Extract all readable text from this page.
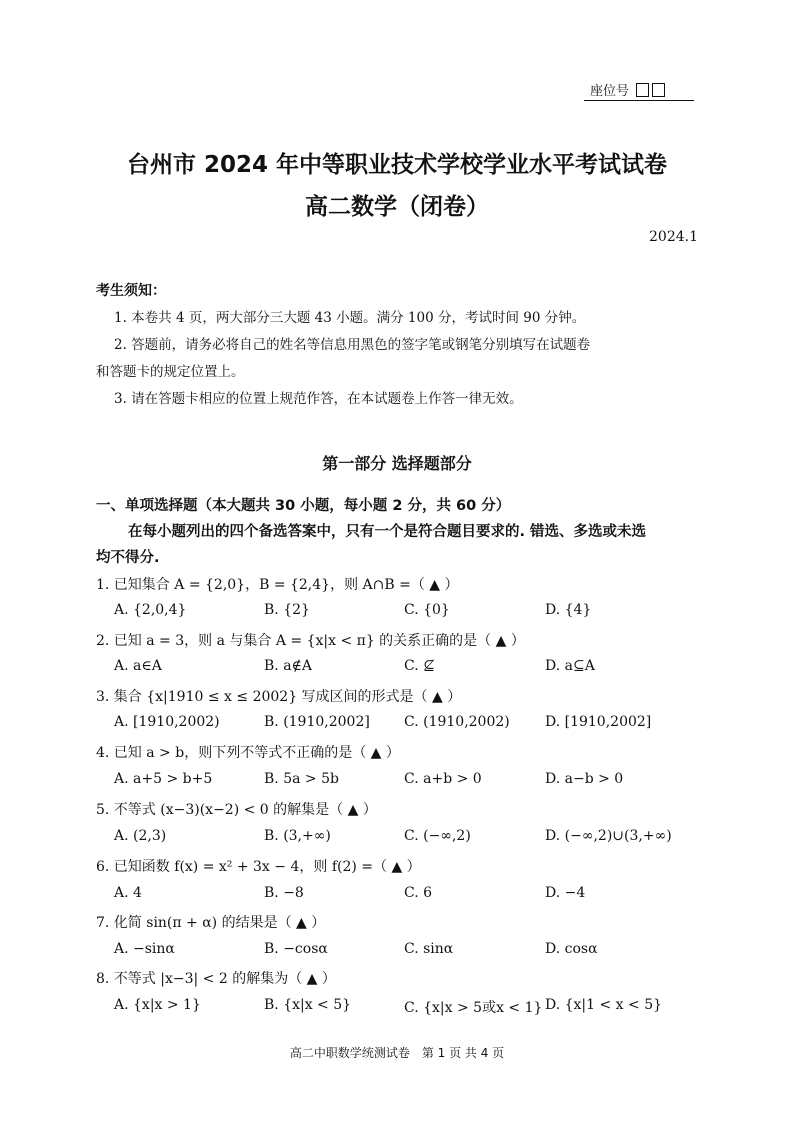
座位号
台州市 2024 年中等职业技术学校学业水平考试试卷
高二数学（闭卷）
2024.1
考生须知：
1. 本卷共 4 页，两大部分三大题 43 小题。满分 100 分，考试时间 90 分钟。
2. 答题前，请务必将自己的姓名等信息用黑色的签字笔或钢笔分别填写在试题卷
和答题卡的规定位置上。
3. 请在答题卡相应的位置上规范作答，在本试题卷上作答一律无效。
第一部分 选择题部分
一、单项选择题（本大题共 30 小题，每小题 2 分，共 60 分）
在每小题列出的四个备选答案中，只有一个是符合题目要求的. 错选、多选或未选
均不得分.
1. 已知集合 A = {2,0}，B = {2,4}，则 A∩B =（ ▲ ）
A. {2,0,4}	B. {2}	C. {0}	D. {4}
2. 已知 a = 3，则 a 与集合 A = {x|x < π} 的关系正确的是（ ▲ ）
A. a∈A	B. a∉A	C. ⊈	D. a⊆A
3. 集合 {x|1910 ≤ x ≤ 2002} 写成区间的形式是（ ▲ ）
A. [1910,2002)	B. (1910,2002] C. (1910,2002)	D. [1910,2002]
4. 已知 a > b，则下列不等式不正确的是（ ▲ ）
A. a+5 > b+5	B. 5a > 5b	C. a+b > 0	D. a−b > 0
5. 不等式 (x−3)(x−2) < 0 的解集是（ ▲ ）
A. (2,3)	B. (3,+∞)	C. (−∞,2)	D. (−∞,2)∪(3,+∞)
6. 已知函数 f(x) = x² + 3x − 4，则 f(2) =（ ▲ ）
A. 4	B. −8	C. 6	D. −4
7. 化简 sin(π + α) 的结果是（ ▲ ）
A. −sinα	B. −cosα	C. sinα	D. cosα
8. 不等式 |x−3| < 2 的解集为（ ▲ ）
A. {x|x > 1}	B. {x|x < 5}	C. {x|x > 5或x < 1} D. {x|1 < x < 5}
高二中职数学统测试卷　第 1 页 共 4 页
